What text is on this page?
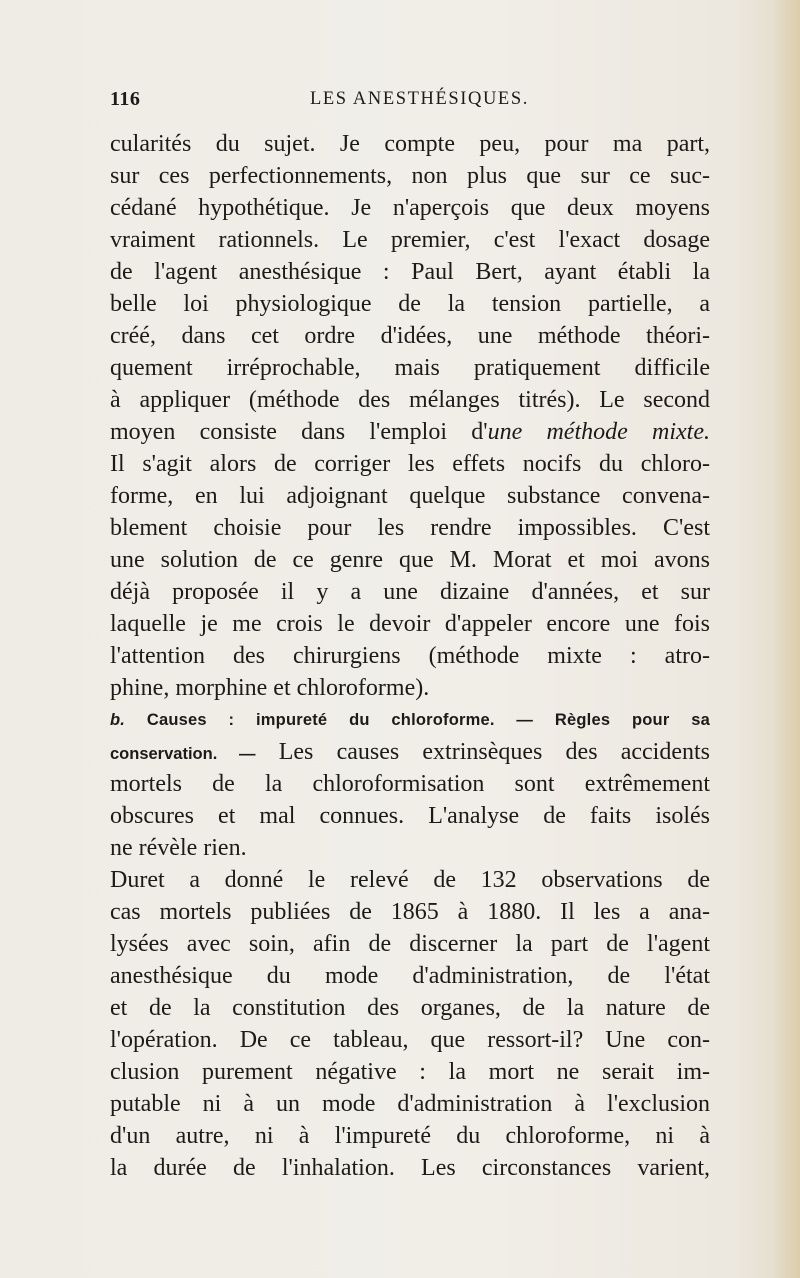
116	LES ANESTHÉSIQUES.
cularités du sujet. Je compte peu, pour ma part,
sur ces perfectionnements, non plus que sur ce suc-
cédané hypothétique. Je n'aperçois que deux moyens
vraiment rationnels. Le premier, c'est l'exact dosage
de l'agent anesthésique : Paul Bert, ayant établi la
belle loi physiologique de la tension partielle, a
créé, dans cet ordre d'idées, une méthode théori-
quement irréprochable, mais pratiquement difficile
à appliquer (méthode des mélanges titrés). Le second
moyen consiste dans l'emploi d'une méthode mixte.
Il s'agit alors de corriger les effets nocifs du chloro-
forme, en lui adjoignant quelque substance convena-
blement choisie pour les rendre impossibles. C'est
une solution de ce genre que M. Morat et moi avons
déjà proposée il y a une dizaine d'années, et sur
laquelle je me crois le devoir d'appeler encore une fois
l'attention des chirurgiens (méthode mixte : atro-
phine, morphine et chloroforme).
b. Causes : impureté du chloroforme. — Règles pour sa
conservation. — Les causes extrinsèques des accidents
mortels de la chloroformisation sont extrêmement
obscures et mal connues. L'analyse de faits isolés
ne révèle rien.
Duret a donné le relevé de 132 observations de
cas mortels publiées de 1865 à 1880. Il les a ana-
lysées avec soin, afin de discerner la part de l'agent
anesthésique du mode d'administration, de l'état
et de la constitution des organes, de la nature de
l'opération. De ce tableau, que ressort-il? Une con-
clusion purement négative : la mort ne serait im-
putable ni à un mode d'administration à l'exclusion
d'un autre, ni à l'impureté du chloroforme, ni à
la durée de l'inhalation. Les circonstances varient,
